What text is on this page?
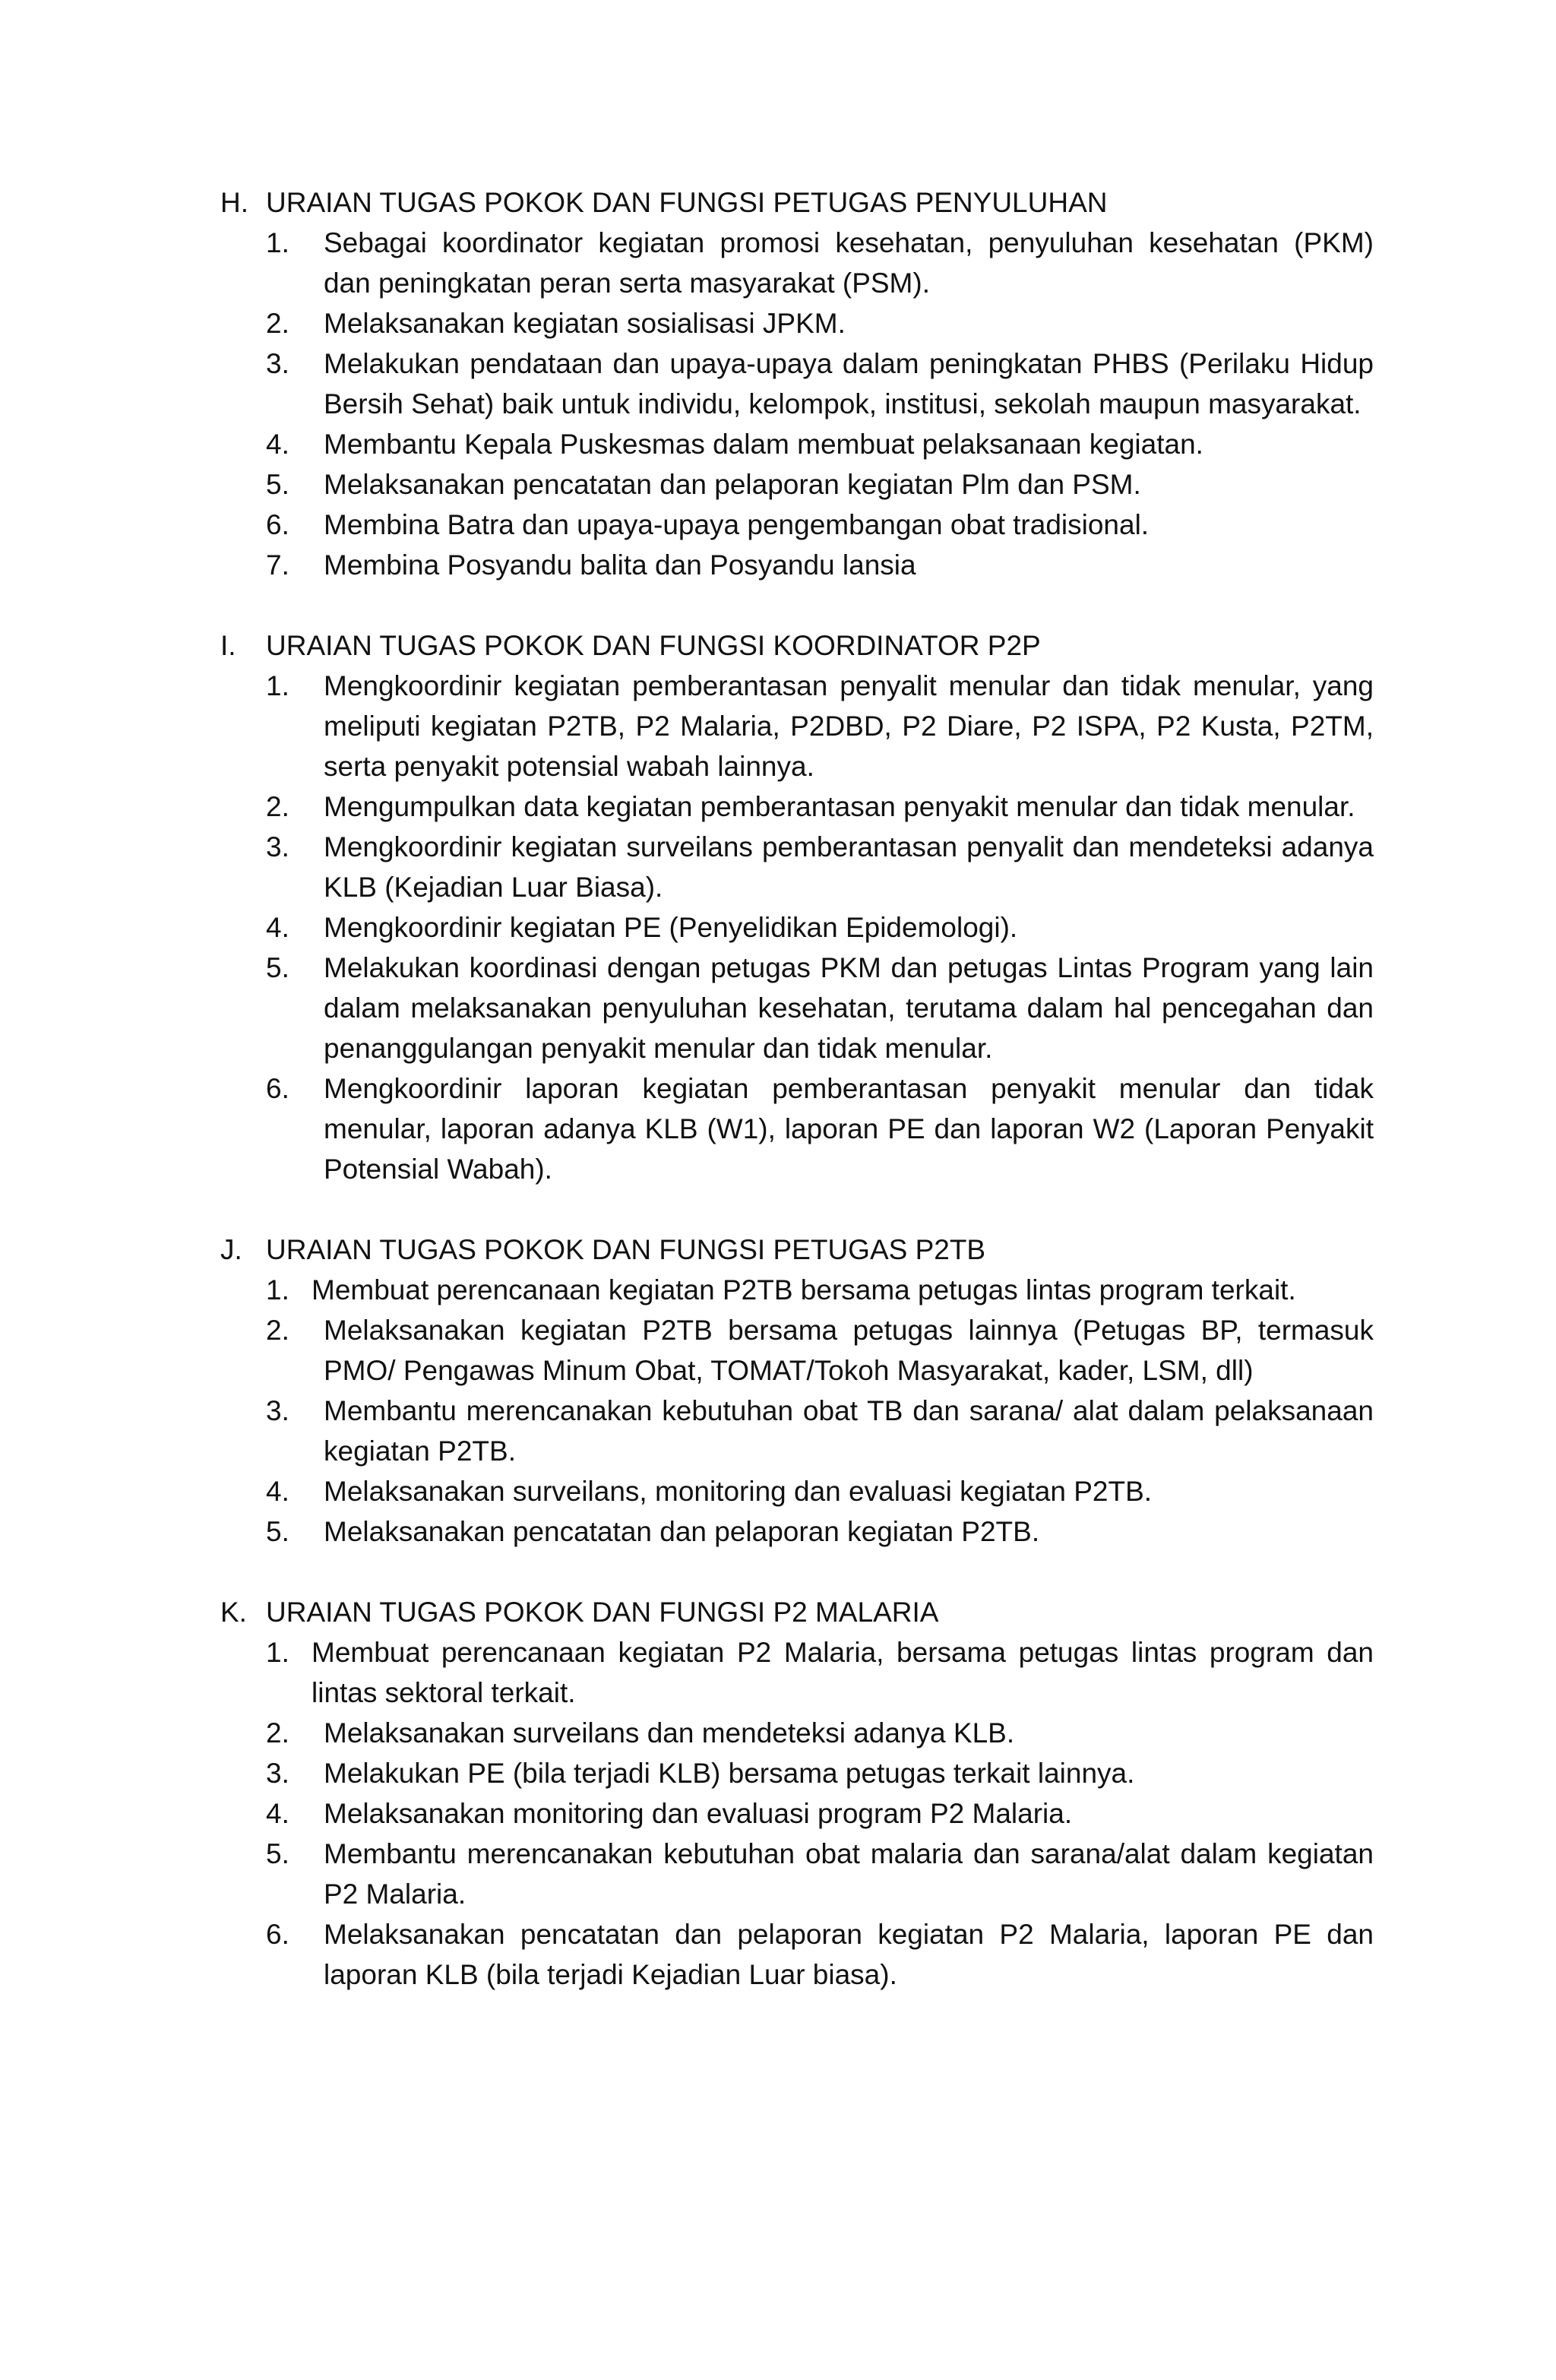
H. URAIAN TUGAS POKOK DAN FUNGSI PETUGAS PENYULUHAN
1. Sebagai koordinator kegiatan promosi kesehatan, penyuluhan kesehatan (PKM) dan peningkatan peran serta masyarakat (PSM).
2. Melaksanakan kegiatan sosialisasi JPKM.
3. Melakukan pendataan dan upaya-upaya dalam peningkatan PHBS (Perilaku Hidup Bersih Sehat) baik untuk individu, kelompok, institusi, sekolah maupun masyarakat.
4. Membantu Kepala Puskesmas dalam membuat pelaksanaan kegiatan.
5. Melaksanakan pencatatan dan pelaporan kegiatan Plm dan PSM.
6. Membina Batra dan upaya-upaya pengembangan obat tradisional.
7. Membina Posyandu balita dan Posyandu lansia
I. URAIAN TUGAS POKOK DAN FUNGSI KOORDINATOR P2P
1. Mengkoordinir kegiatan pemberantasan penyalit menular dan tidak menular, yang meliputi kegiatan P2TB, P2 Malaria, P2DBD, P2 Diare, P2 ISPA, P2 Kusta, P2TM, serta penyakit potensial wabah lainnya.
2. Mengumpulkan data kegiatan pemberantasan penyakit menular dan tidak menular.
3. Mengkoordinir kegiatan surveilans pemberantasan penyalit dan mendeteksi adanya KLB (Kejadian Luar Biasa).
4. Mengkoordinir kegiatan PE (Penyelidikan Epidemologi).
5. Melakukan koordinasi dengan petugas PKM dan petugas Lintas Program yang lain dalam melaksanakan penyuluhan kesehatan, terutama dalam hal pencegahan dan penanggulangan penyakit menular dan tidak menular.
6. Mengkoordinir laporan kegiatan pemberantasan penyakit menular dan tidak menular, laporan adanya KLB (W1), laporan PE dan laporan W2 (Laporan Penyakit Potensial Wabah).
J. URAIAN TUGAS POKOK DAN FUNGSI PETUGAS P2TB
1. Membuat perencanaan kegiatan P2TB bersama petugas lintas program terkait.
2. Melaksanakan kegiatan P2TB bersama petugas lainnya (Petugas BP, termasuk PMO/ Pengawas Minum Obat, TOMAT/Tokoh Masyarakat, kader, LSM, dll)
3. Membantu merencanakan kebutuhan obat TB dan sarana/ alat dalam pelaksanaan kegiatan P2TB.
4. Melaksanakan surveilans, monitoring dan evaluasi kegiatan P2TB.
5. Melaksanakan pencatatan dan pelaporan kegiatan P2TB.
K. URAIAN TUGAS POKOK DAN FUNGSI P2 MALARIA
1. Membuat perencanaan kegiatan P2 Malaria, bersama petugas lintas program dan lintas sektoral terkait.
2. Melaksanakan surveilans dan mendeteksi adanya KLB.
3. Melakukan PE (bila terjadi KLB) bersama petugas terkait lainnya.
4. Melaksanakan monitoring dan evaluasi program P2 Malaria.
5. Membantu merencanakan kebutuhan obat malaria dan sarana/alat dalam kegiatan P2 Malaria.
6. Melaksanakan pencatatan dan pelaporan kegiatan P2 Malaria, laporan PE dan laporan KLB (bila terjadi Kejadian Luar biasa).
